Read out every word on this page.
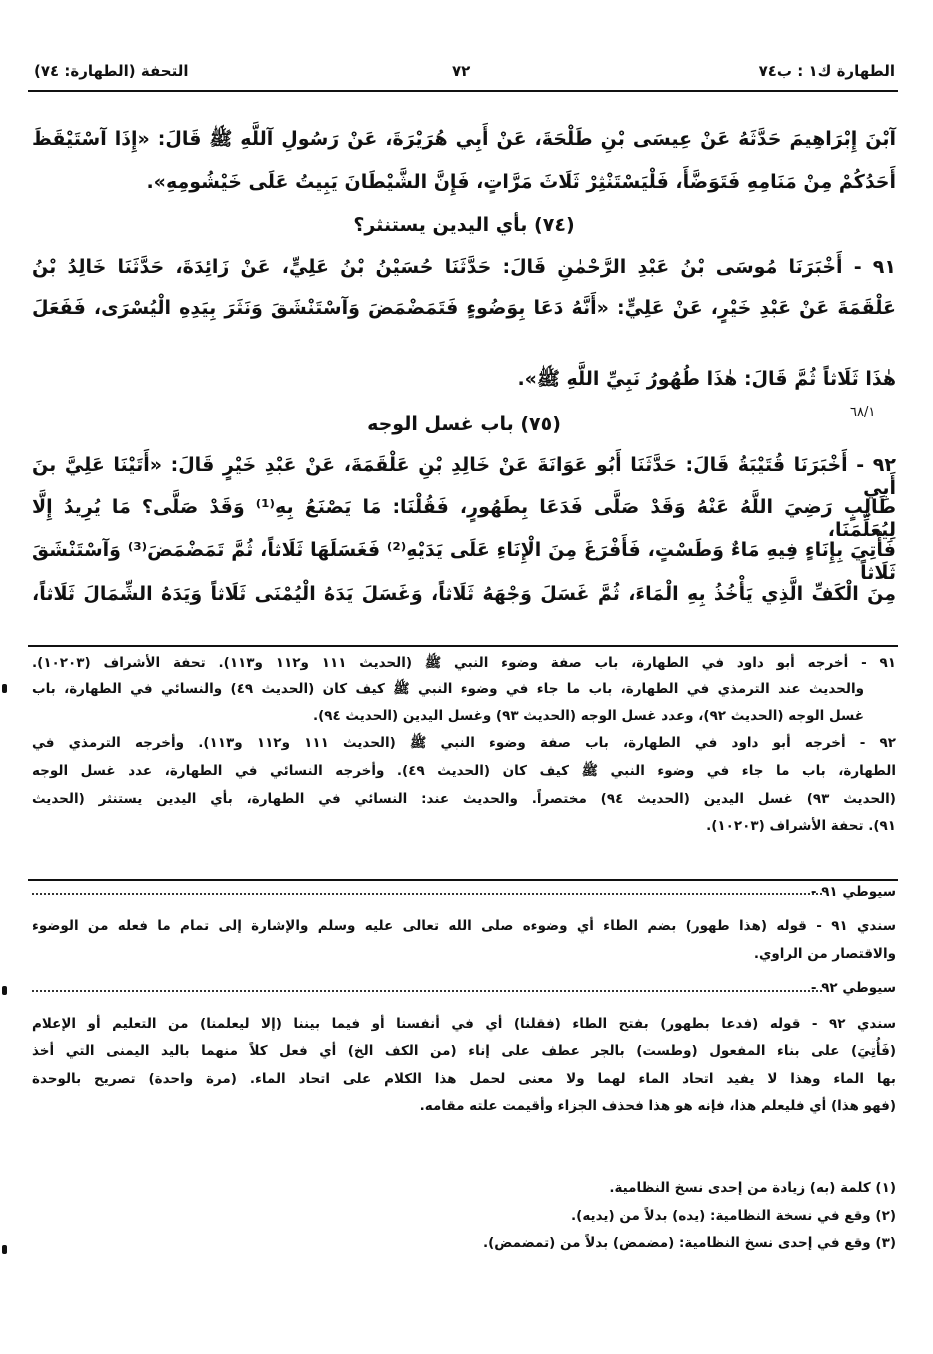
الطهارة ك١ : ب٧٤
٧٢
التحفة (الطهارة: ٧٤)
آبْنَ إِبْرَاهِيمَ حَدَّثَهُ عَنْ عِيسَى بْنِ طَلْحَةَ، عَنْ أَبِي هُرَيْرَةَ، عَنْ رَسُولِ آللَّهِ ﷺ قَالَ: «إِذَا آسْتَيْقَظَ
أَحَدُكُمْ مِنْ مَنَامِهِ فَتَوَضَّأَ، فَلْيَسْتَنْثِرْ ثَلَاثَ مَرَّاتٍ، فَإِنَّ الشَّيْطَانَ يَبِيتُ عَلَى خَيْشُومِهِ».
(٧٤) بأي اليدين يستنثر؟
٩١ - أَخْبَرَنَا مُوسَى بْنُ عَبْدِ الرَّحْمٰنِ قَالَ: حَدَّثَنَا حُسَيْنُ بْنُ عَلِيٍّ، عَنْ زَائِدَةَ، حَدَّثَنَا خَالِدُ بْنُ
عَلْقَمَةَ عَنْ عَبْدِ خَيْرٍ، عَنْ عَلِيٍّ: «أَنَّهُ دَعَا بِوَضُوءٍ فَتَمَضْمَضَ وَآسْتَنْشَقَ وَنَثَرَ بِيَدِهِ الْيُسْرَى، فَفَعَلَ
هٰذَا ثَلَاثاً ثُمَّ قَالَ: هٰذَا طُهُورُ نَبِيِّ اللَّهِ ﷺ».
(٧٥) باب غسل الوجه
٦٨/١
٩٢ - أَخْبَرَنَا قُتَيْبَةُ قَالَ: حَدَّثَنَا أَبُو عَوَانَةَ عَنْ خَالِدِ بْنِ عَلْقَمَةَ، عَنْ عَبْدِ خَيْرٍ قَالَ: «أَتَيْنَا عَلِيَّ بنَ أَبِي
طَالِبٍ رَضِيَ اللَّهُ عَنْهُ وَقَدْ صَلَّى فَدَعَا بِطَهُورٍ، فَقُلْنَا: مَا يَصْنَعُ بِهِ⁽¹⁾ وَقَدْ صَلَّى؟ مَا يُرِيدُ إِلَّا لِيُعَلِّمَنَا،
فَأُتِيَ بِإِنَاءٍ فِيهِ مَاءٌ وَطَسْتٍ، فَأَفْرَغَ مِنَ الْإِنَاءِ عَلَى يَدَيْهِ⁽²⁾ فَغَسَلَهَا ثَلَاثاً، ثُمَّ تَمَضْمَضَ⁽³⁾ وَآسْتَنْشَقَ ثَلَاثاً
مِنَ الْكَفِّ الَّذِي يَأْخُذُ بِهِ الْمَاءَ، ثُمَّ غَسَلَ وَجْهَهُ ثَلَاثاً، وَغَسَلَ يَدَهُ الْيُمْنَى ثَلَاثاً وَيَدَهُ الشِّمَالَ ثَلَاثاً،
٩١ - أخرجه أبو داود في الطهارة، باب صفة وضوء النبي ﷺ (الحديث ١١١ و١١٢ و١١٣). تحفة الأشراف (١٠٢٠٣).
والحديث عند الترمذي في الطهارة، باب ما جاء في وضوء النبي ﷺ كيف كان (الحديث ٤٩) والنسائي في الطهارة، باب
غسل الوجه (الحديث ٩٢)، وعدد غسل الوجه (الحديث ٩٣) وغسل اليدين (الحديث ٩٤).
٩٢ - أخرجه أبو داود في الطهارة، باب صفة وضوء النبي ﷺ (الحديث ١١١ و١١٢ و١١٣). وأخرجه الترمذي في
الطهارة، باب ما جاء في وضوء النبي ﷺ كيف كان (الحديث ٤٩). وأخرجه النسائي في الطهارة، عدد غسل الوجه
(الحديث ٩٣) غسل اليدين (الحديث ٩٤) مختصراً. والحديث عند: النسائي في الطهارة، بأي اليدين يستنثر (الحديث
٩١). تحفة الأشراف (١٠٢٠٣).
سيوطي ٩١ -
سندي ٩١ - قوله (هذا طهور) بضم الطاء أي وضوءه صلى الله تعالى عليه وسلم والإشارة إلى تمام ما فعله من الوضوء
والاقتصار من الراوي.
سيوطي ٩٢ -
سندي ٩٢ - قوله (فدعا بطهور) بفتح الطاء (فقلنا) أي في أنفسنا أو فيما بيننا (إلا ليعلمنا) من التعليم أو الإعلام
(فَأُتِيَ) على بناء المفعول (وطست) بالجر عطف على إناء (من الكف الخ) أي فعل كلاً منهما باليد اليمنى التي أخذ
بها الماء وهذا لا يفيد اتحاد الماء لهما ولا معنى لحمل هذا الكلام على اتحاد الماء. (مرة واحدة) تصريح بالوحدة
(فهو هذا) أي فليعلم هذا، فإنه هو هذا فحذف الجزاء وأقيمت علته مقامه.
(١) كلمة (به) زيادة من إحدى نسخ النظامية.
(٢) وقع في نسخة النظامية: (يده) بدلاً من (يديه).
(٣) وقع في إحدى نسخ النظامية: (مضمض) بدلاً من (تمضمض).
